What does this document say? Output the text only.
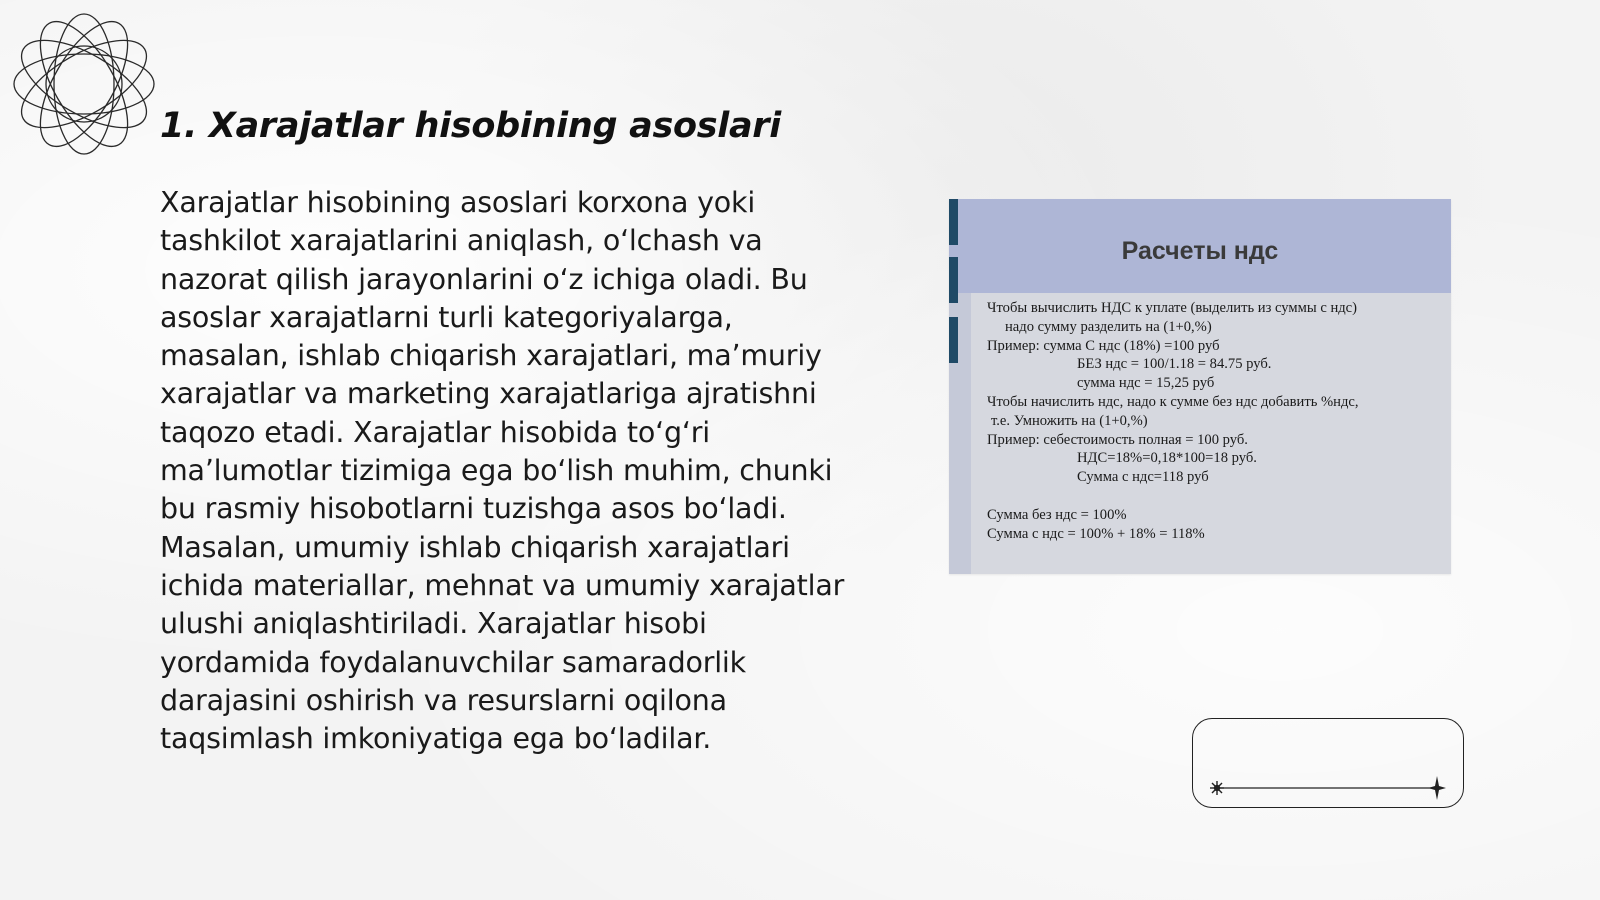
1. Xarajatlar hisobining asoslari

Xarajatlar hisobining asoslari korxona yoki tashkilot xarajatlarini aniqlash, oʻlchash va nazorat qilish jarayonlarini oʻz ichiga oladi. Bu asoslar xarajatlarni turli kategoriyalarga, masalan, ishlab chiqarish xarajatlari, maʼmuriy xarajatlar va marketing xarajatlariga ajratishni taqozo etadi. Xarajatlar hisobida toʻgʻri maʼlumotlar tizimiga ega boʻlish muhim, chunki bu rasmiy hisobotlarni tuzishga asos boʻladi. Masalan, umumiy ishlab chiqarish xarajatlari ichida materiallar, mehnat va umumiy xarajatlar ulushi aniqlashtiriladi. Xarajatlar hisobi yordamida foydalanuvchilar samaradorlik darajasini oshirish va resurslarni oqilona taqsimlash imkoniyatiga ega boʻladilar.

Расчеты ндс
Чтобы вычислить НДС к уплате (выделить из суммы с ндс)
надо сумму разделить на (1+0,%)
Пример: сумма С ндс (18%) =100 руб
БЕЗ ндс = 100/1.18 = 84.75 руб.
сумма ндс = 15,25 руб
Чтобы начислить ндс, надо к сумме без ндс добавить %ндс,
т.е. Умножить на (1+0,%)
Пример: себестоимость полная = 100 руб.
НДС=18%=0,18*100=18 руб.
Сумма с ндс=118 руб
Сумма без ндс = 100%
Сумма с ндс = 100% + 18% = 118%
